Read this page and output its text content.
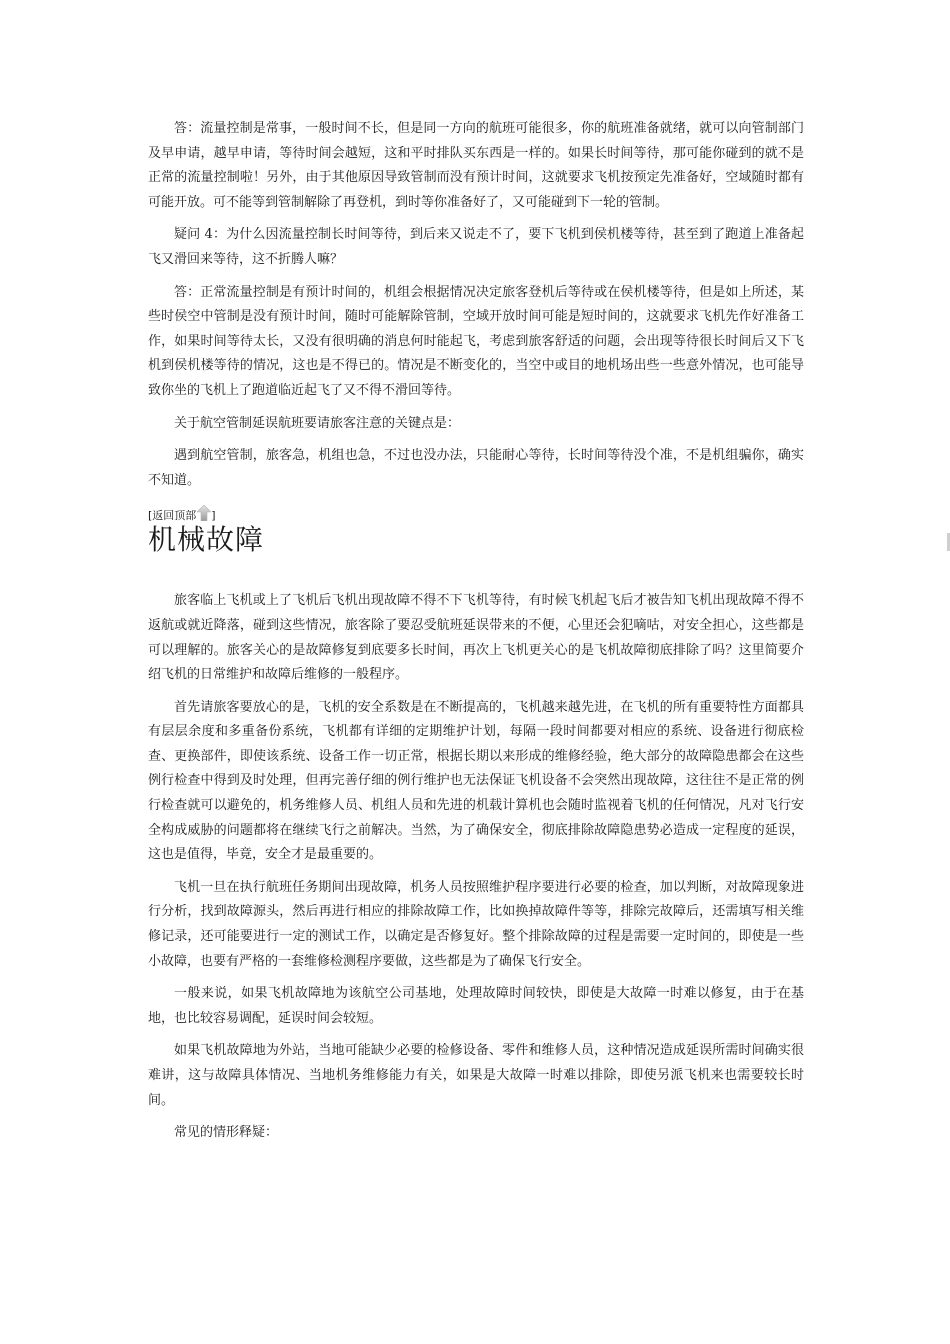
答：流量控制是常事，一般时间不长，但是同一方向的航班可能很多，你的航班准备就绪，就可以向管制部门及早申请，越早申请，等待时间会越短，这和平时排队买东西是一样的。如果长时间等待，那可能你碰到的就不是正常的流量控制啦！另外，由于其他原因导致管制而没有预计时间，这就要求飞机按预定先准备好，空域随时都有可能开放。可不能等到管制解除了再登机，到时等你准备好了，又可能碰到下一轮的管制。

疑问 4：为什么因流量控制长时间等待，到后来又说走不了，要下飞机到侯机楼等待，甚至到了跑道上准备起飞又滑回来等待，这不折腾人嘛？

答：正常流量控制是有预计时间的，机组会根据情况决定旅客登机后等待或在侯机楼等待，但是如上所述，某些时侯空中管制是没有预计时间，随时可能解除管制，空域开放时间可能是短时间的，这就要求飞机先作好准备工作，如果时间等待太长，又没有很明确的消息何时能起飞，考虑到旅客舒适的问题，会出现等待很长时间后又下飞机到侯机楼等待的情况，这也是不得已的。情况是不断变化的，当空中或目的地机场出些一些意外情况，也可能导致你坐的飞机上了跑道临近起飞了又不得不滑回等待。

关于航空管制延误航班要请旅客注意的关键点是：

遇到航空管制，旅客急，机组也急，不过也没办法，只能耐心等待，长时间等待没个准，不是机组骗你，确实不知道。

[ 返回顶部 ]
机械故障

旅客临上飞机或上了飞机后飞机出现故障不得不下飞机等待，有时候飞机起飞后才被告知飞机出现故障不得不返航或就近降落，碰到这些情况，旅客除了要忍受航班延误带来的不便，心里还会犯嘀咕，对安全担心，这些都是可以理解的。旅客关心的是故障修复到底要多长时间，再次上飞机更关心的是飞机故障彻底排除了吗？这里简要介绍飞机的日常维护和故障后维修的一般程序。

首先请旅客要放心的是，飞机的安全系数是在不断提高的，飞机越来越先进，在飞机的所有重要特性方面都具有层层余度和多重备份系统，飞机都有详细的定期维护计划，每隔一段时间都要对相应的系统、设备进行彻底检查、更换部件，即使该系统、设备工作一切正常，根据长期以来形成的维修经验，绝大部分的故障隐患都会在这些例行检查中得到及时处理，但再完善仔细的例行维护也无法保证飞机设备不会突然出现故障，这往往不是正常的例行检查就可以避免的，机务维修人员、机组人员和先进的机载计算机也会随时监视着飞机的任何情况，凡对飞行安全构成威胁的问题都将在继续飞行之前解决。当然，为了确保安全，彻底排除故障隐患势必造成一定程度的延误，这也是值得，毕竟，安全才是最重要的。

飞机一旦在执行航班任务期间出现故障，机务人员按照维护程序要进行必要的检查，加以判断，对故障现象进行分析，找到故障源头，然后再进行相应的排除故障工作，比如换掉故障件等等，排除完故障后，还需填写相关维修记录，还可能要进行一定的测试工作，以确定是否修复好。整个排除故障的过程是需要一定时间的，即使是一些小故障，也要有严格的一套维修检测程序要做，这些都是为了确保飞行安全。

一般来说，如果飞机故障地为该航空公司基地，处理故障时间较快，即使是大故障一时难以修复，由于在基地，也比较容易调配，延误时间会较短。

如果飞机故障地为外站，当地可能缺少必要的检修设备、零件和维修人员，这种情况造成延误所需时间确实很难讲，这与故障具体情况、当地机务维修能力有关，如果是大故障一时难以排除，即使另派飞机来也需要较长时间。

常见的情形释疑：
